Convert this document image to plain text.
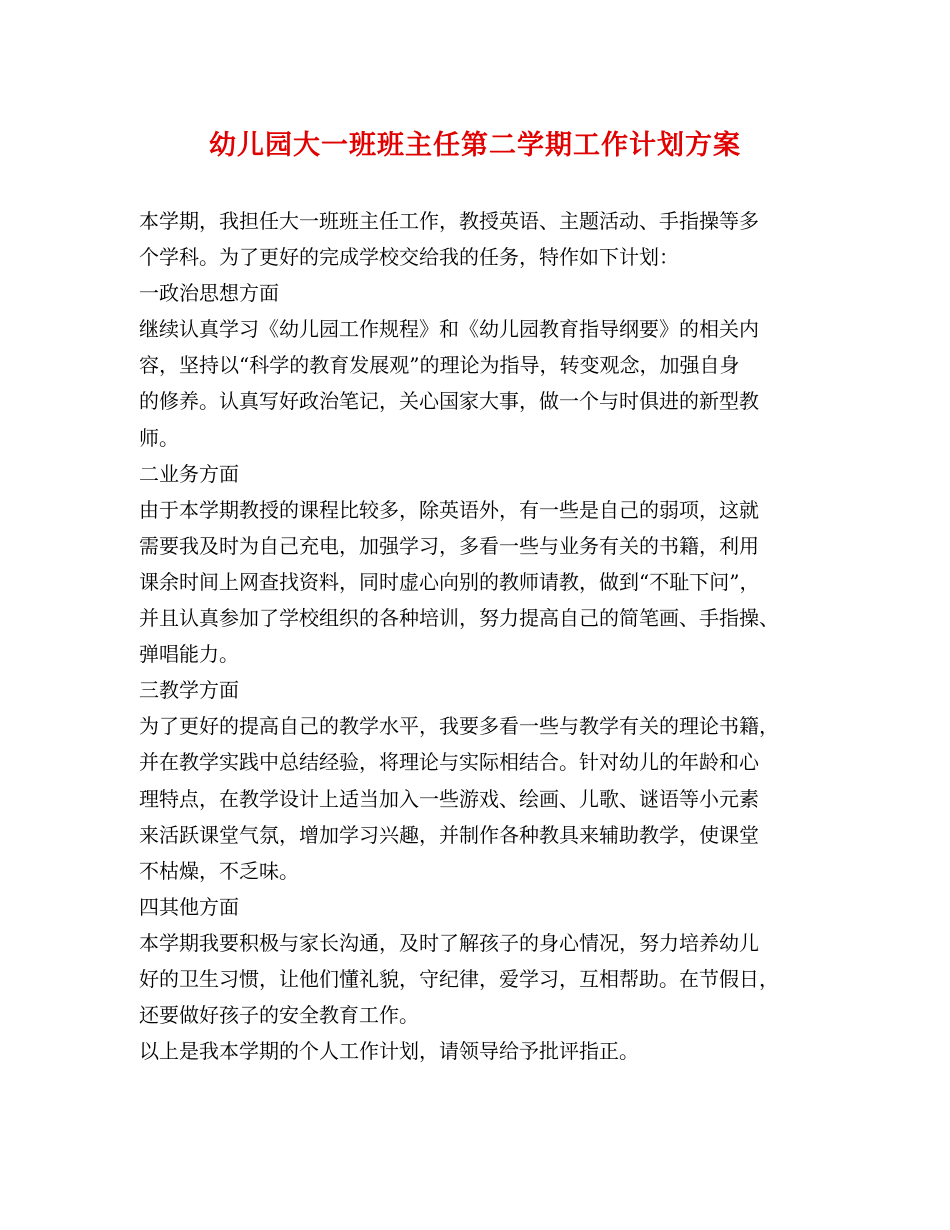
幼儿园大一班班主任第二学期工作计划方案
本学期，我担任大一班班主任工作，教授英语、主题活动、手指操等多
个学科。为了更好的完成学校交给我的任务，特作如下计划：
一政治思想方面
继续认真学习《幼儿园工作规程》和《幼儿园教育指导纲要》的相关内
容，坚持以“科学的教育发展观”的理论为指导，转变观念，加强自身
的修养。认真写好政治笔记，关心国家大事，做一个与时俱进的新型教
师。
二业务方面
由于本学期教授的课程比较多，除英语外，有一些是自己的弱项，这就
需要我及时为自己充电，加强学习，多看一些与业务有关的书籍，利用
课余时间上网查找资料，同时虚心向别的教师请教，做到“不耻下问”，
并且认真参加了学校组织的各种培训，努力提高自己的简笔画、手指操、
弹唱能力。
三教学方面
为了更好的提高自己的教学水平，我要多看一些与教学有关的理论书籍，
并在教学实践中总结经验，将理论与实际相结合。针对幼儿的年龄和心
理特点，在教学设计上适当加入一些游戏、绘画、儿歌、谜语等小元素
来活跃课堂气氛，增加学习兴趣，并制作各种教具来辅助教学，使课堂
不枯燥，不乏味。
四其他方面
本学期我要积极与家长沟通，及时了解孩子的身心情况，努力培养幼儿
好的卫生习惯，让他们懂礼貌，守纪律，爱学习，互相帮助。在节假日，
还要做好孩子的安全教育工作。
以上是我本学期的个人工作计划，请领导给予批评指正。
